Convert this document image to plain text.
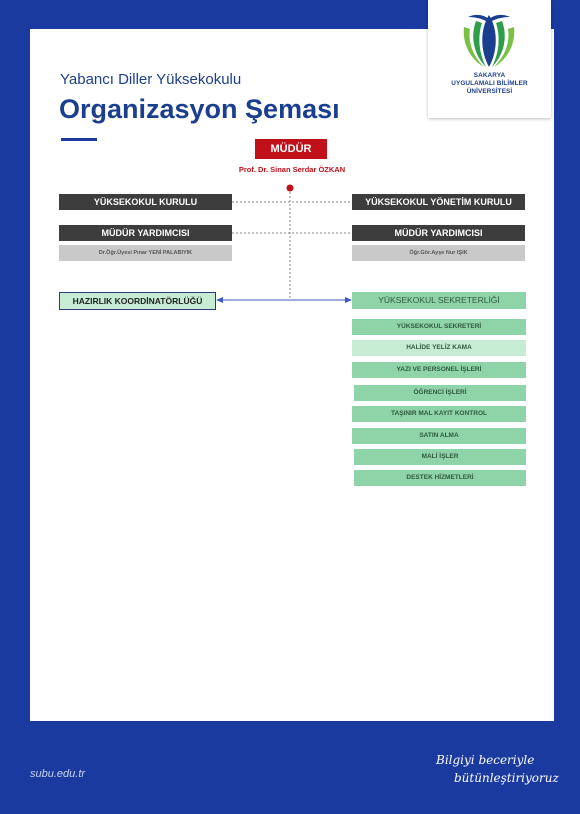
SAKARYA
UYGULAMALI BİLİMLER
ÜNİVERSİTESİ
Yabancı Diller Yüksekokulu
Organizasyon Şeması
MÜDÜR
Prof. Dr. Sinan Serdar ÖZKAN
YÜKSEKOKUL KURULU	YÜKSEKOKUL YÖNETİM KURULU
MÜDÜR YARDIMCISI	MÜDÜR YARDIMCISI
Dr.Öğr.Üyesi Pınar YENİ PALABIYIK	Öğr.Gör.Ayşe Nur IŞIK
HAZIRLIK KOORDİNATÖRLÜĞÜ	YÜKSEKOKUL SEKRETERLİĞİ
YÜKSEKOKUL SEKRETERİ
HALİDE YELİZ KAMA
YAZI VE PERSONEL İŞLERİ
ÖĞRENCİ İŞLERİ
TAŞINIR MAL KAYIT KONTROL
SATIN ALMA
MALİ İŞLER
DESTEK HİZMETLERİ
subu.edu.tr
Bilgiyi beceriyle
bütünleştiriyoruz
